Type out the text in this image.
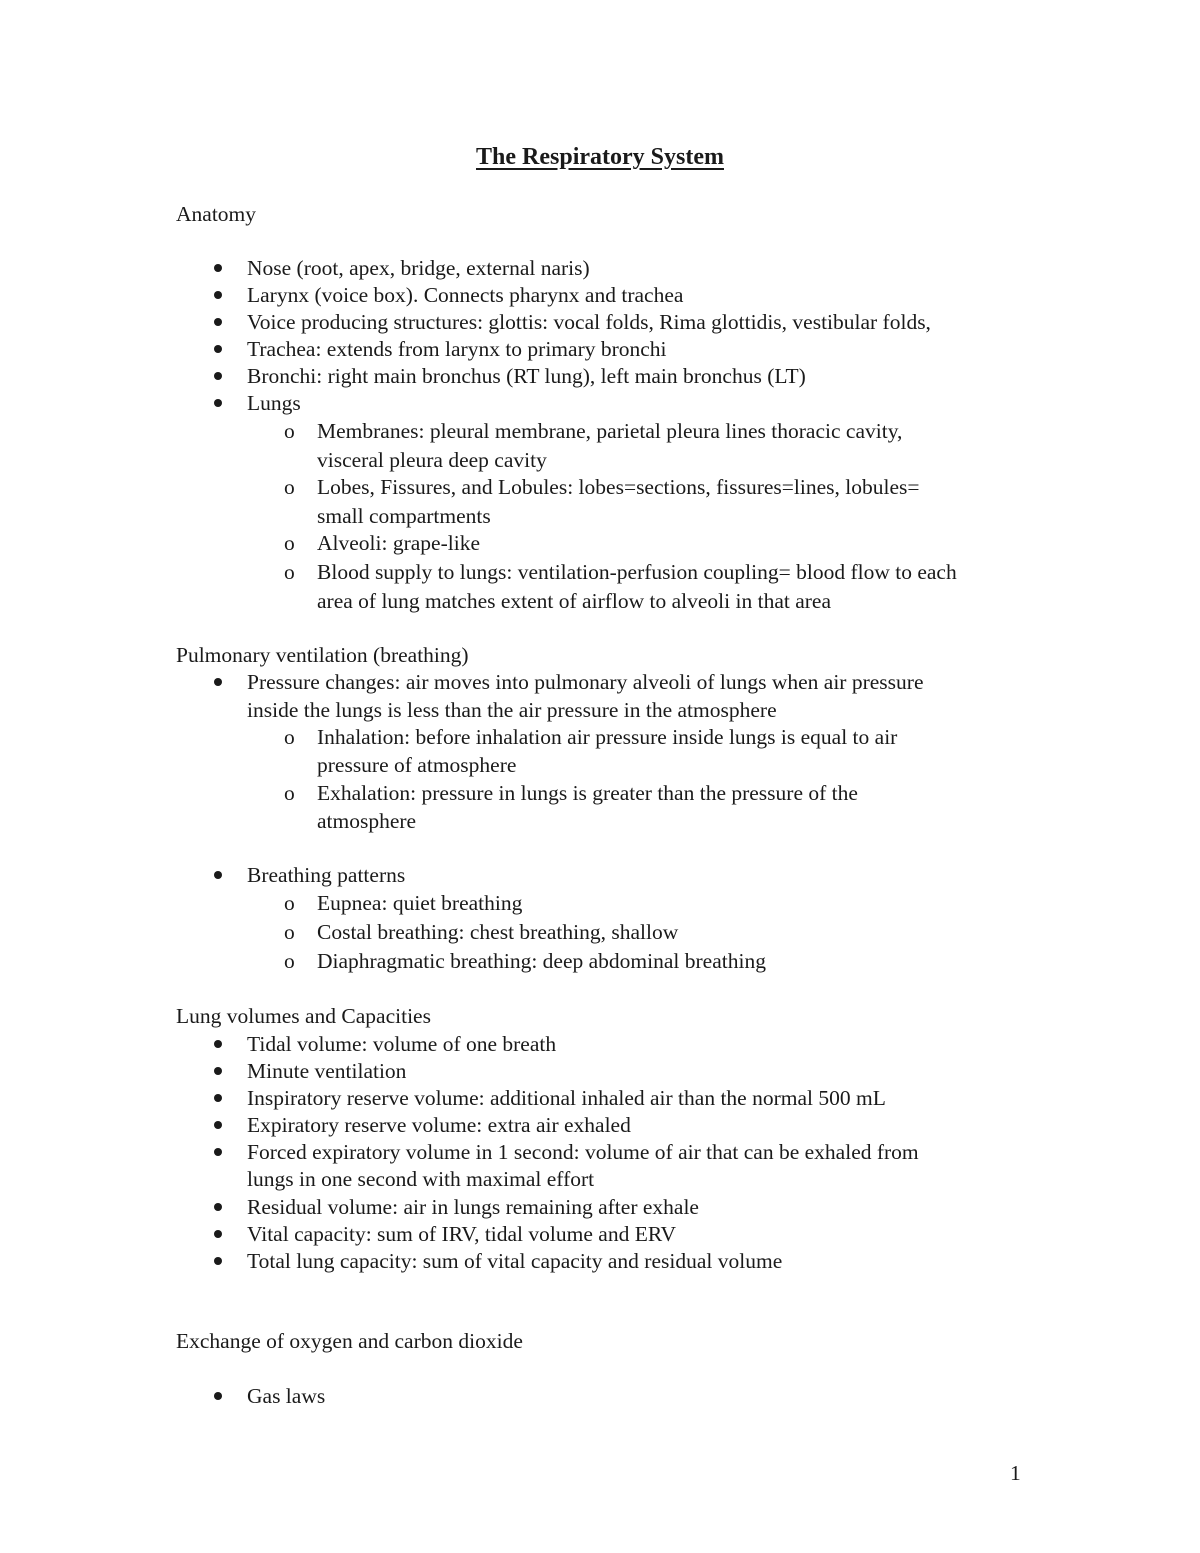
The Respiratory System
Anatomy
Nose (root, apex, bridge, external naris)
Larynx (voice box). Connects pharynx and trachea
Voice producing structures: glottis: vocal folds, Rima glottidis, vestibular folds,
Trachea: extends from larynx to primary bronchi
Bronchi: right main bronchus (RT lung), left main bronchus (LT)
Lungs
o Membranes: pleural membrane, parietal pleura lines thoracic cavity,
visceral pleura deep cavity
o Lobes, Fissures, and Lobules: lobes=sections, fissures=lines, lobules=
small compartments
o Alveoli: grape-like
o Blood supply to lungs: ventilation-perfusion coupling= blood flow to each
area of lung matches extent of airflow to alveoli in that area
Pulmonary ventilation (breathing)
Pressure changes: air moves into pulmonary alveoli of lungs when air pressure
inside the lungs is less than the air pressure in the atmosphere
o Inhalation: before inhalation air pressure inside lungs is equal to air
pressure of atmosphere
o Exhalation: pressure in lungs is greater than the pressure of the
atmosphere
Breathing patterns
o Eupnea: quiet breathing
o Costal breathing: chest breathing, shallow
o Diaphragmatic breathing: deep abdominal breathing
Lung volumes and Capacities
Tidal volume: volume of one breath
Minute ventilation
Inspiratory reserve volume: additional inhaled air than the normal 500 mL
Expiratory reserve volume: extra air exhaled
Forced expiratory volume in 1 second: volume of air that can be exhaled from
lungs in one second with maximal effort
Residual volume: air in lungs remaining after exhale
Vital capacity: sum of IRV, tidal volume and ERV
Total lung capacity: sum of vital capacity and residual volume
Exchange of oxygen and carbon dioxide
Gas laws
1
